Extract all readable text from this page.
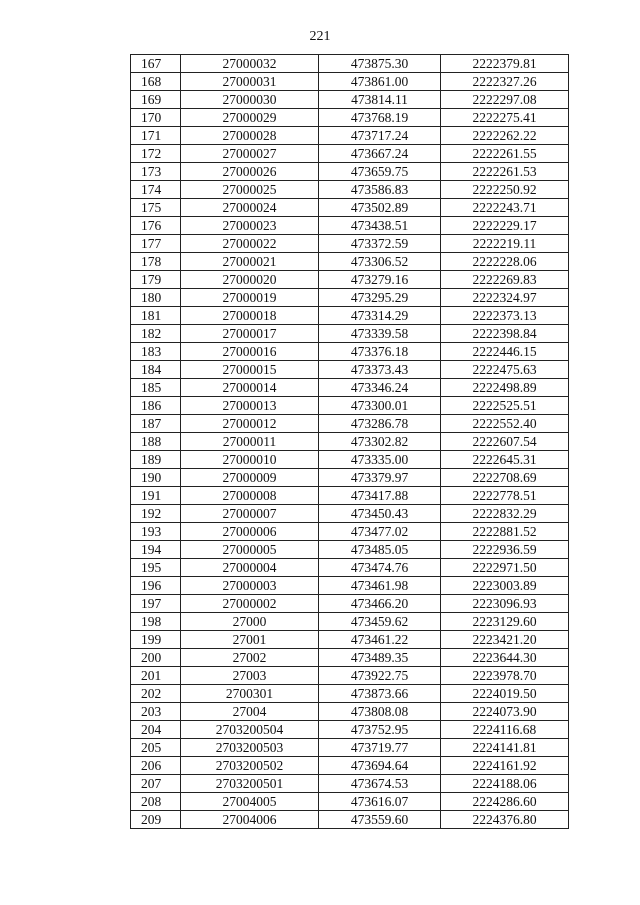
221
167	27000032	473875.30	2222379.81
168	27000031	473861.00	2222327.26
169	27000030	473814.11	2222297.08
170	27000029	473768.19	2222275.41
171	27000028	473717.24	2222262.22
172	27000027	473667.24	2222261.55
173	27000026	473659.75	2222261.53
174	27000025	473586.83	2222250.92
175	27000024	473502.89	2222243.71
176	27000023	473438.51	2222229.17
177	27000022	473372.59	2222219.11
178	27000021	473306.52	2222228.06
179	27000020	473279.16	2222269.83
180	27000019	473295.29	2222324.97
181	27000018	473314.29	2222373.13
182	27000017	473339.58	2222398.84
183	27000016	473376.18	2222446.15
184	27000015	473373.43	2222475.63
185	27000014	473346.24	2222498.89
186	27000013	473300.01	2222525.51
187	27000012	473286.78	2222552.40
188	27000011	473302.82	2222607.54
189	27000010	473335.00	2222645.31
190	27000009	473379.97	2222708.69
191	27000008	473417.88	2222778.51
192	27000007	473450.43	2222832.29
193	27000006	473477.02	2222881.52
194	27000005	473485.05	2222936.59
195	27000004	473474.76	2222971.50
196	27000003	473461.98	2223003.89
197	27000002	473466.20	2223096.93
198	27000	473459.62	2223129.60
199	27001	473461.22	2223421.20
200	27002	473489.35	2223644.30
201	27003	473922.75	2223978.70
202	2700301	473873.66	2224019.50
203	27004	473808.08	2224073.90
204	2703200504	473752.95	2224116.68
205	2703200503	473719.77	2224141.81
206	2703200502	473694.64	2224161.92
207	2703200501	473674.53	2224188.06
208	27004005	473616.07	2224286.60
209	27004006	473559.60	2224376.80
